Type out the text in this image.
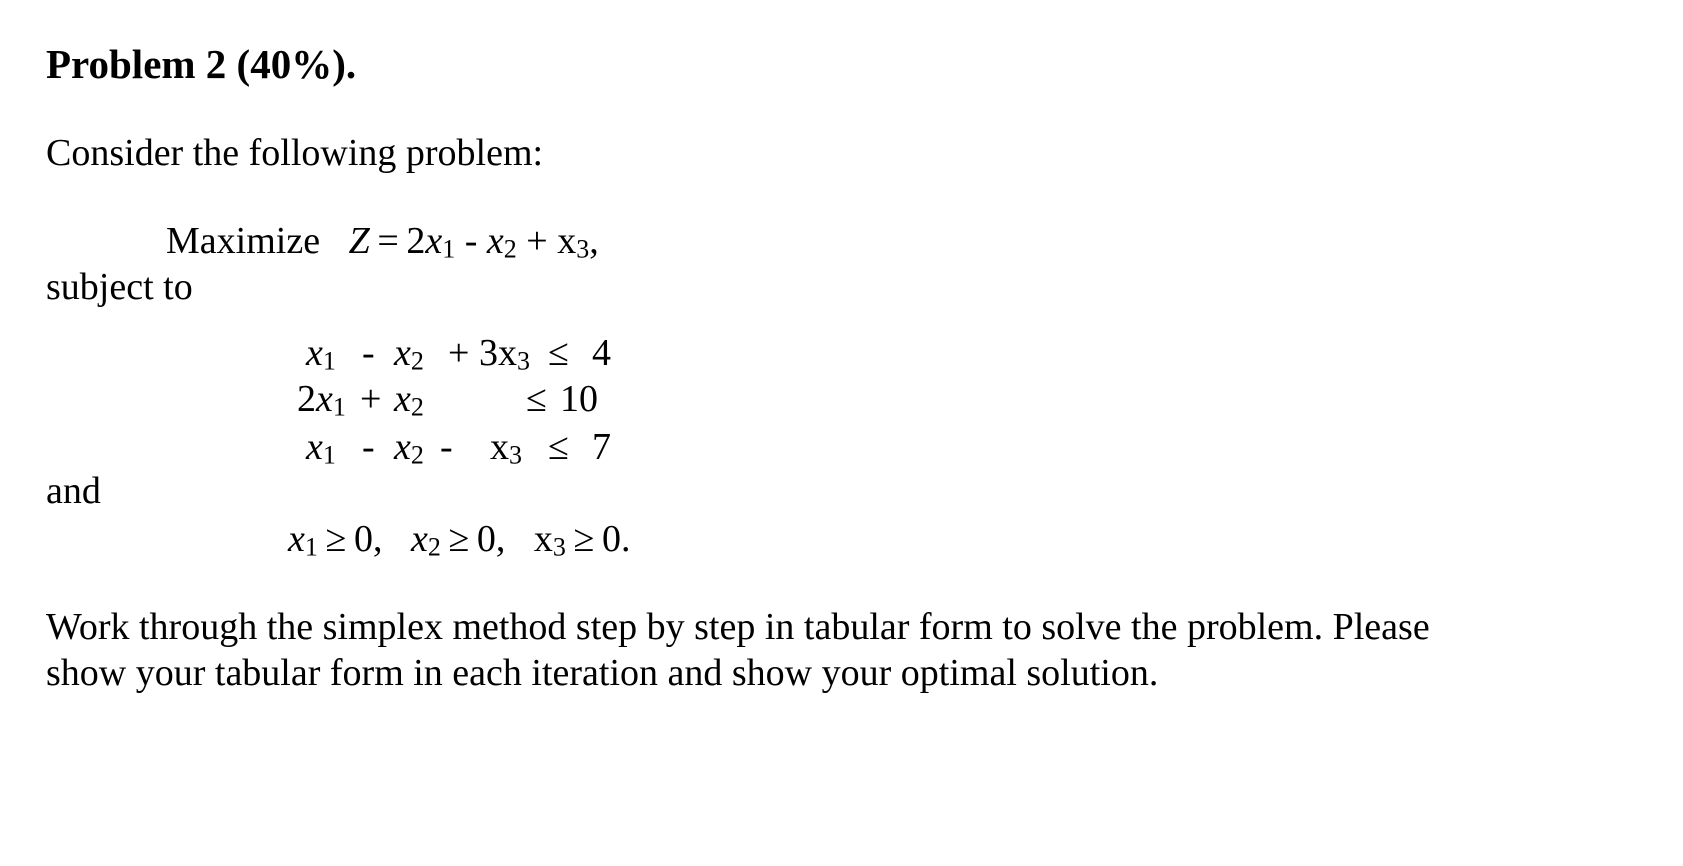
Problem 2 (40%).
Consider the following problem:
Maximize $Z = 2x_1 - x_2 + x_3$,
subject to
$x_1 - x_2 + 3x_3 \le 4$
$2x_1 + x_2$	≤ 10
$x_1 - x_2 - x_3 \le 7$
and
$x_1 \ge 0$, $x_2 \ge 0$, $x_3 \ge 0$.
Work through the simplex method step by step in tabular form to solve the problem. Please
show your tabular form in each iteration and show your optimal solution.
